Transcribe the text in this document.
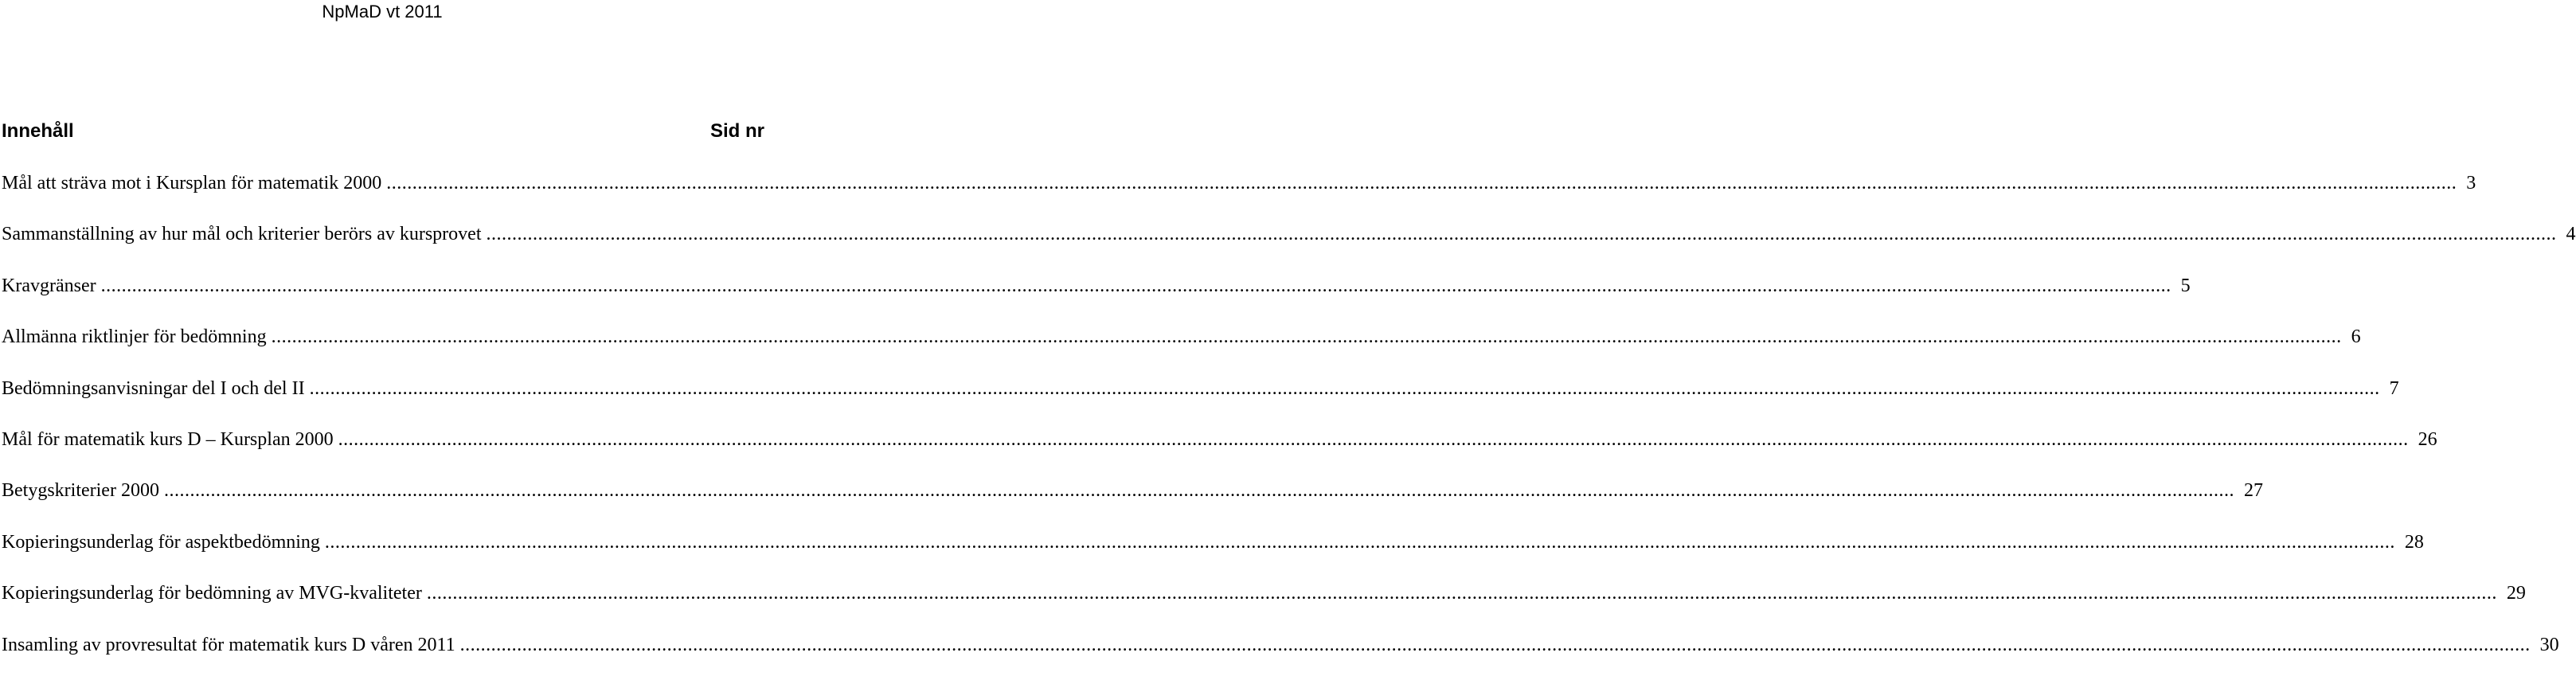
NpMaD vt 2011
Innehåll	Sid nr
Mål att sträva mot i Kursplan för matematik 2000 ................................................................................................................................................................................................................................................................................................................................................................................................................ 3
Sammanställning av hur mål och kriterier berörs av kursprovet ................................................................................................................................................................................................................................................................................................................................................................................................................ 4
Kravgränser ................................................................................................................................................................................................................................................................................................................................................................................................................ 5
Allmänna riktlinjer för bedömning ................................................................................................................................................................................................................................................................................................................................................................................................................ 6
Bedömningsanvisningar del I och del II ................................................................................................................................................................................................................................................................................................................................................................................................................ 7
Mål för matematik kurs D – Kursplan 2000 ................................................................................................................................................................................................................................................................................................................................................................................................................ 26
Betygskriterier 2000 ................................................................................................................................................................................................................................................................................................................................................................................................................ 27
Kopieringsunderlag för aspektbedömning ................................................................................................................................................................................................................................................................................................................................................................................................................ 28
Kopieringsunderlag för bedömning av MVG-kvaliteter ................................................................................................................................................................................................................................................................................................................................................................................................................ 29
Insamling av provresultat för matematik kurs D våren 2011 ................................................................................................................................................................................................................................................................................................................................................................................................................ 30
